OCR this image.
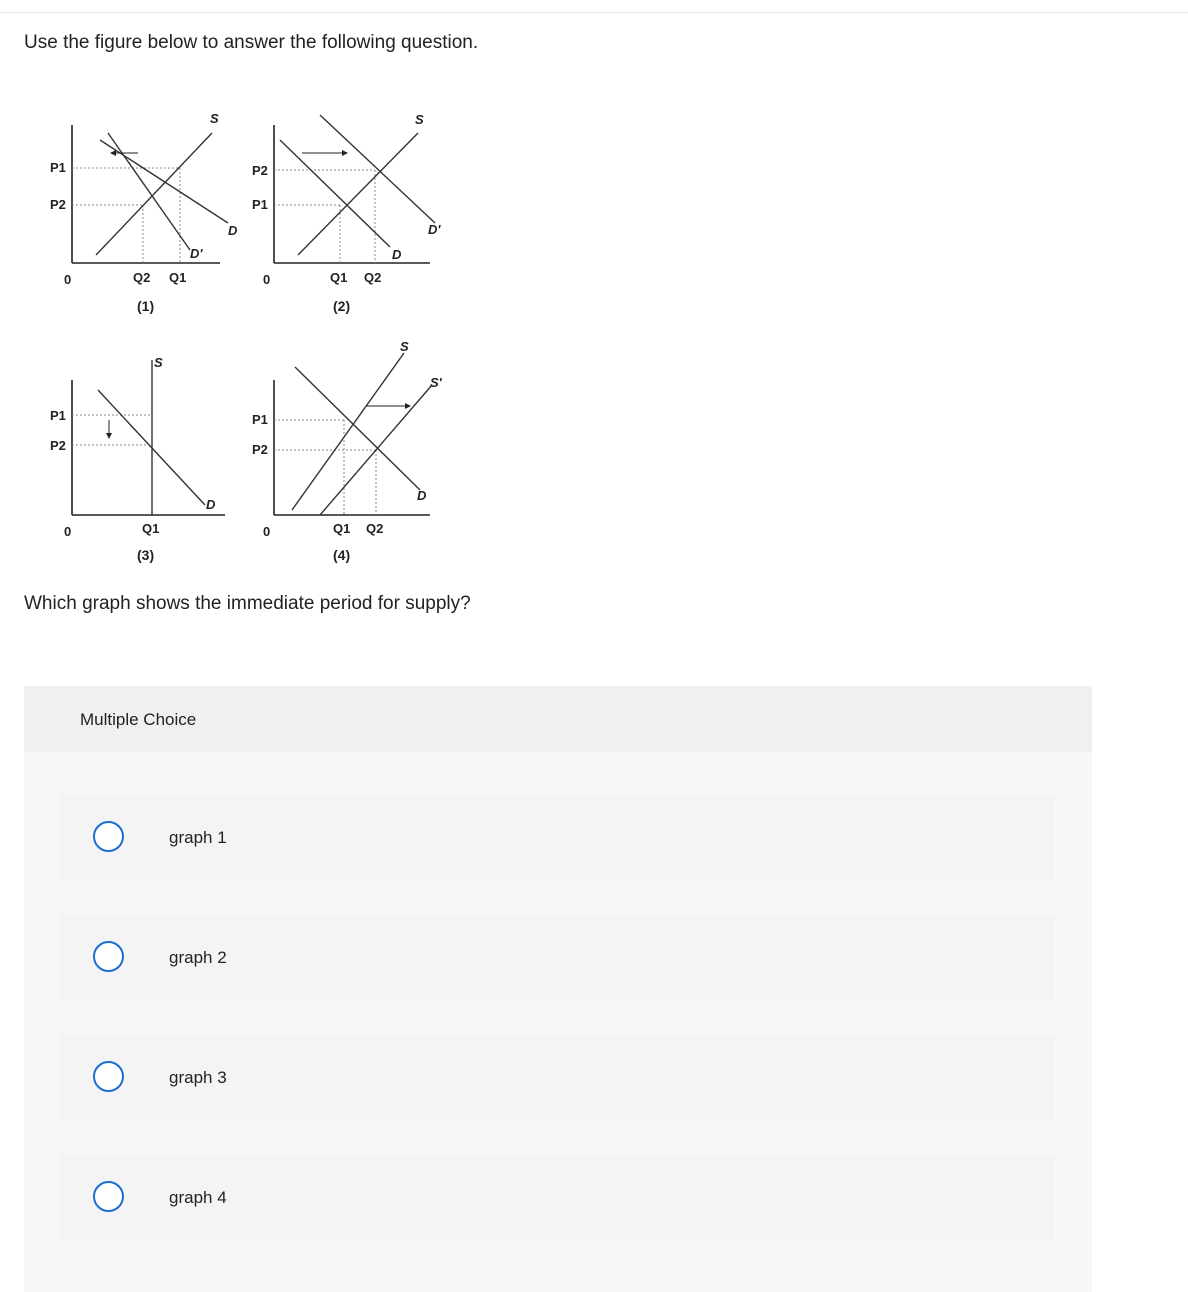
Use the figure below to answer the following question.

P1
P2
0	Q2 Q1
S
D
D'
(1)
P2
P1
0	Q1 Q2
S
D
D'
(2)
P1
P2
0	Q1
S
D
(3)
P1
P2
0	Q1 Q2
S
S'
D
(4)

Which graph shows the immediate period for supply?

Multiple Choice
graph 1
graph 2
graph 3
graph 4
